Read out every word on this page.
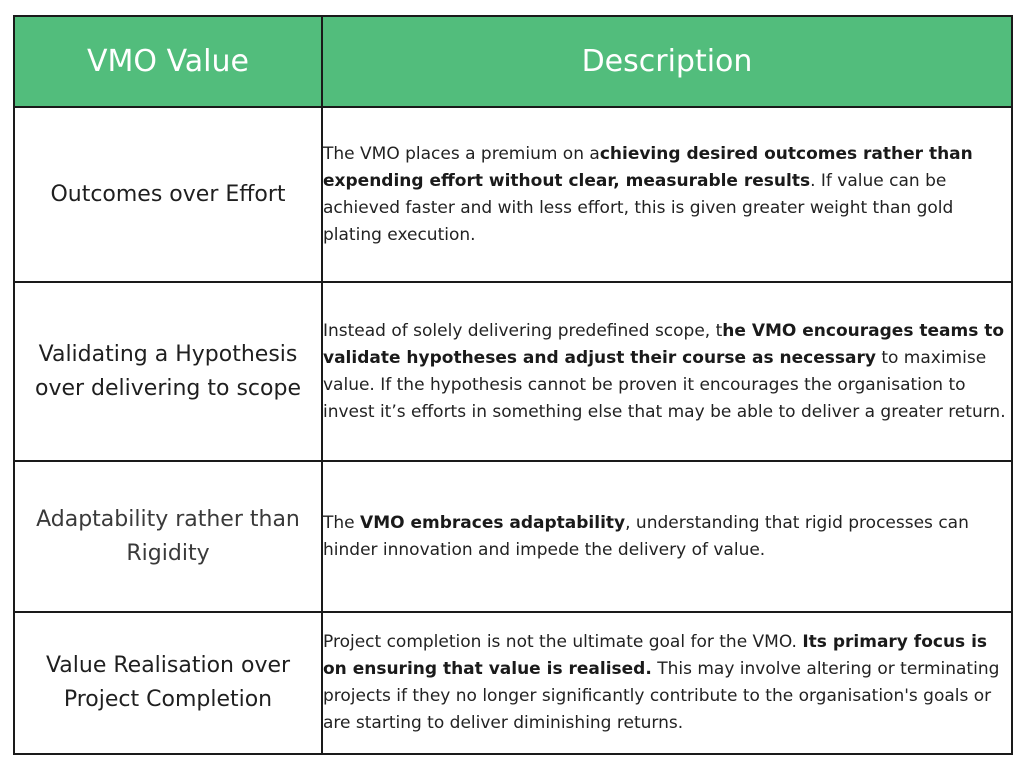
VMO Value	Description
Outcomes over Effort	The VMO places a premium on achieving desired outcomes rather than expending effort without clear, measurable results. If value can be achieved faster and with less effort, this is given greater weight than gold plating execution.
Validating a Hypothesis over delivering to scope	Instead of solely delivering predefined scope, the VMO encourages teams to validate hypotheses and adjust their course as necessary to maximise value. If the hypothesis cannot be proven it encourages the organisation to invest it’s efforts in something else that may be able to deliver a greater return.
Adaptability rather than Rigidity	The VMO embraces adaptability, understanding that rigid processes can hinder innovation and impede the delivery of value.
Value Realisation over Project Completion	Project completion is not the ultimate goal for the VMO. Its primary focus is on ensuring that value is realised. This may involve altering or terminating projects if they no longer significantly contribute to the organisation's goals or are starting to deliver diminishing returns.
